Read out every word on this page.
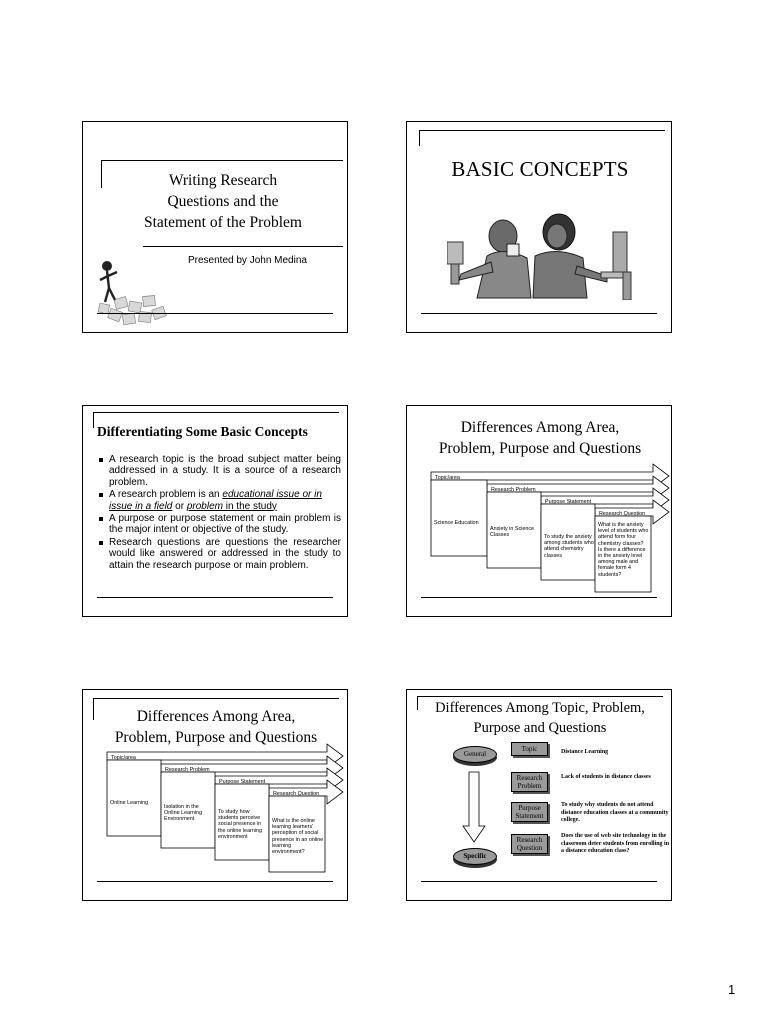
Writing Research
Questions and the
Statement of the Problem
Presented by John Medina
BASIC CONCEPTS
Differentiating Some Basic Concepts
A research topic is the broad subject matter being addressed in a study. It is a source of a research problem.
A research problem is an educational issue or in issue in a field or problem in the study
A purpose or purpose statement or main problem is the major intent or objective of the study.
Research questions are questions the researcher would like answered or addressed in the study to attain the research purpose or main problem.
Differences Among Area,
Problem, Purpose and Questions
Topic/area
Research Problem
Purpose Statement
Research Question
Science Education
Anxiety in Science Classes	To study the anxiety among students who attend chemistry classes
What is the anxiety level of students who attend form four chemistry classes?
Is there a difference in the anxiety level among male and female form 4 students?
Differences Among Area,
Problem, Purpose and Questions
Topic/area
Research Problem
Purpose Statement
Research Question
Online Learning
Isolation in the Online Learning Environment
To study how students perceive social presence in the online learning environment
What is the online learning learners' perception of social presence in an online learning environment?
Differences Among Topic, Problem,
Purpose and Questions
General
Specific
Topic
Research Problem
Purpose Statement
Research Question
Distance Learning
Lack of students in distance classes
To study why students do not attend distance education classes at a community college.
Does the use of web site technology in the classroom deter students from enrolling in a distance education class?
1
